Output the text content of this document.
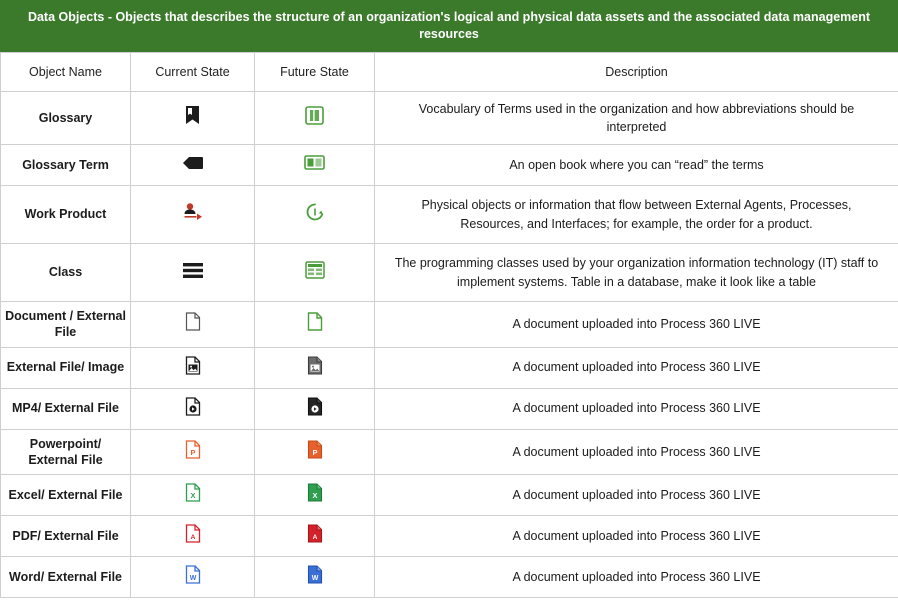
Data Objects - Objects that describes the structure of an organization's logical and physical data assets and the associated data management resources
Object Name	Current State	Future State	Description
Glossary			Vocabulary of Terms used in the organization and how abbreviations should be interpreted
Glossary Term			An open book where you can “read” the terms
Work Product			Physical objects or information that flow between External Agents, Processes, Resources, and Interfaces; for example, the order for a product.
Class			The programming classes used by your organization information technology (IT) staff to implement systems. Table in a database, make it look like a table
Document / External File			A document uploaded into Process 360 LIVE
External File/ Image			A document uploaded into Process 360 LIVE
MP4/ External File			A document uploaded into Process 360 LIVE
Powerpoint/ External File	P	P	A document uploaded into Process 360 LIVE
Excel/ External File	X	X	A document uploaded into Process 360 LIVE
PDF/ External File	A	A	A document uploaded into Process 360 LIVE
Word/ External File	W	W	A document uploaded into Process 360 LIVE
